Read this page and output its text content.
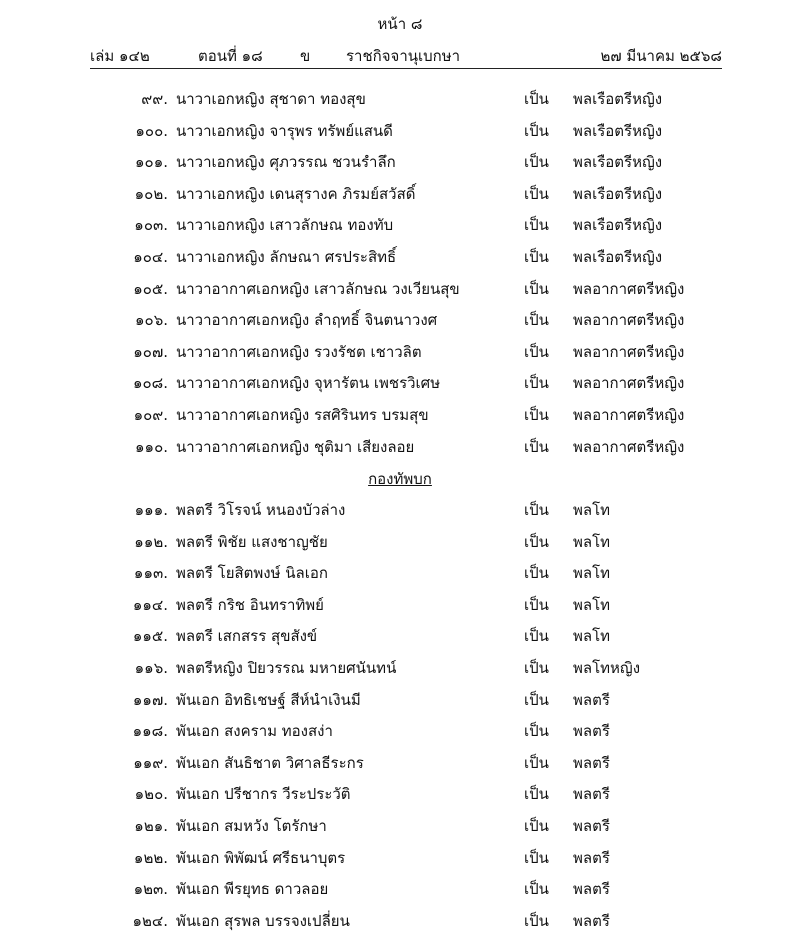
หน้า ๘
เล่ม ๑๔๒	ตอนที่ ๑๘ ข ราชกิจจานุเบกษา	๒๗ มีนาคม ๒๕๖๘
๙๙. นาวาเอกหญิง สุชาดา ทองสุข	เป็น พลเรือตรีหญิง
๑๐๐. นาวาเอกหญิง จารุพร ทรัพย์แสนดี	เป็น พลเรือตรีหญิง
๑๐๑. นาวาเอกหญิง ศุภวรรณ ชวนรำลึก	เป็น พลเรือตรีหญิง
๑๐๒. นาวาเอกหญิง เดนสุรางค ภิรมย์สวัสดิ์	เป็น พลเรือตรีหญิง
๑๐๓. นาวาเอกหญิง เสาวลักษณ ทองทับ	เป็น พลเรือตรีหญิง
๑๐๔. นาวาเอกหญิง ลักษณา ศรประสิทธิ์	เป็น พลเรือตรีหญิง
๑๐๕. นาวาอากาศเอกหญิง เสาวลักษณ วงเวียนสุข	เป็น พลอากาศตรีหญิง
๑๐๖. นาวาอากาศเอกหญิง ลำฤทธิ์ จินตนาวงศ	เป็น พลอากาศตรีหญิง
๑๐๗. นาวาอากาศเอกหญิง รวงรัชต เชาวลิต	เป็น พลอากาศตรีหญิง
๑๐๘. นาวาอากาศเอกหญิง จุหารัตน เพชรวิเศษ	เป็น พลอากาศตรีหญิง
๑๐๙. นาวาอากาศเอกหญิง รสศิรินทร บรมสุข	เป็น พลอากาศตรีหญิง
๑๑๐. นาวาอากาศเอกหญิง ชุติมา เสียงลอย	เป็น พลอากาศตรีหญิง
กองทัพบก
๑๑๑. พลตรี วิโรจน์ หนองบัวล่าง	เป็น พลโท
๑๑๒. พลตรี พิชัย แสงชาญชัย	เป็น พลโท
๑๑๓. พลตรี โยสิตพงษ์ นิลเอก	เป็น พลโท
๑๑๔. พลตรี กริช อินทราทิพย์	เป็น พลโท
๑๑๕. พลตรี เสกสรร สุขสังข์	เป็น พลโท
๑๑๖. พลตรีหญิง ปิยวรรณ มหายศนันทน์	เป็น พลโทหญิง
๑๑๗. พันเอก อิทธิเชษฐ์ สีห์นำเงินมี	เป็น พลตรี
๑๑๘. พันเอก สงคราม ทองสง่า	เป็น พลตรี
๑๑๙. พันเอก สันธิชาต วิศาลธีระกร	เป็น พลตรี
๑๒๐. พันเอก ปรีชากร วีระประวัติ	เป็น พลตรี
๑๒๑. พันเอก สมหวัง โตรักษา	เป็น พลตรี
๑๒๒. พันเอก พิพัฒน์ ศรีธนาบุตร	เป็น พลตรี
๑๒๓. พันเอก พีรยุทธ ดาวลอย	เป็น พลตรี
๑๒๔. พันเอก สุรพล บรรจงเปลี่ยน	เป็น พลตรี
